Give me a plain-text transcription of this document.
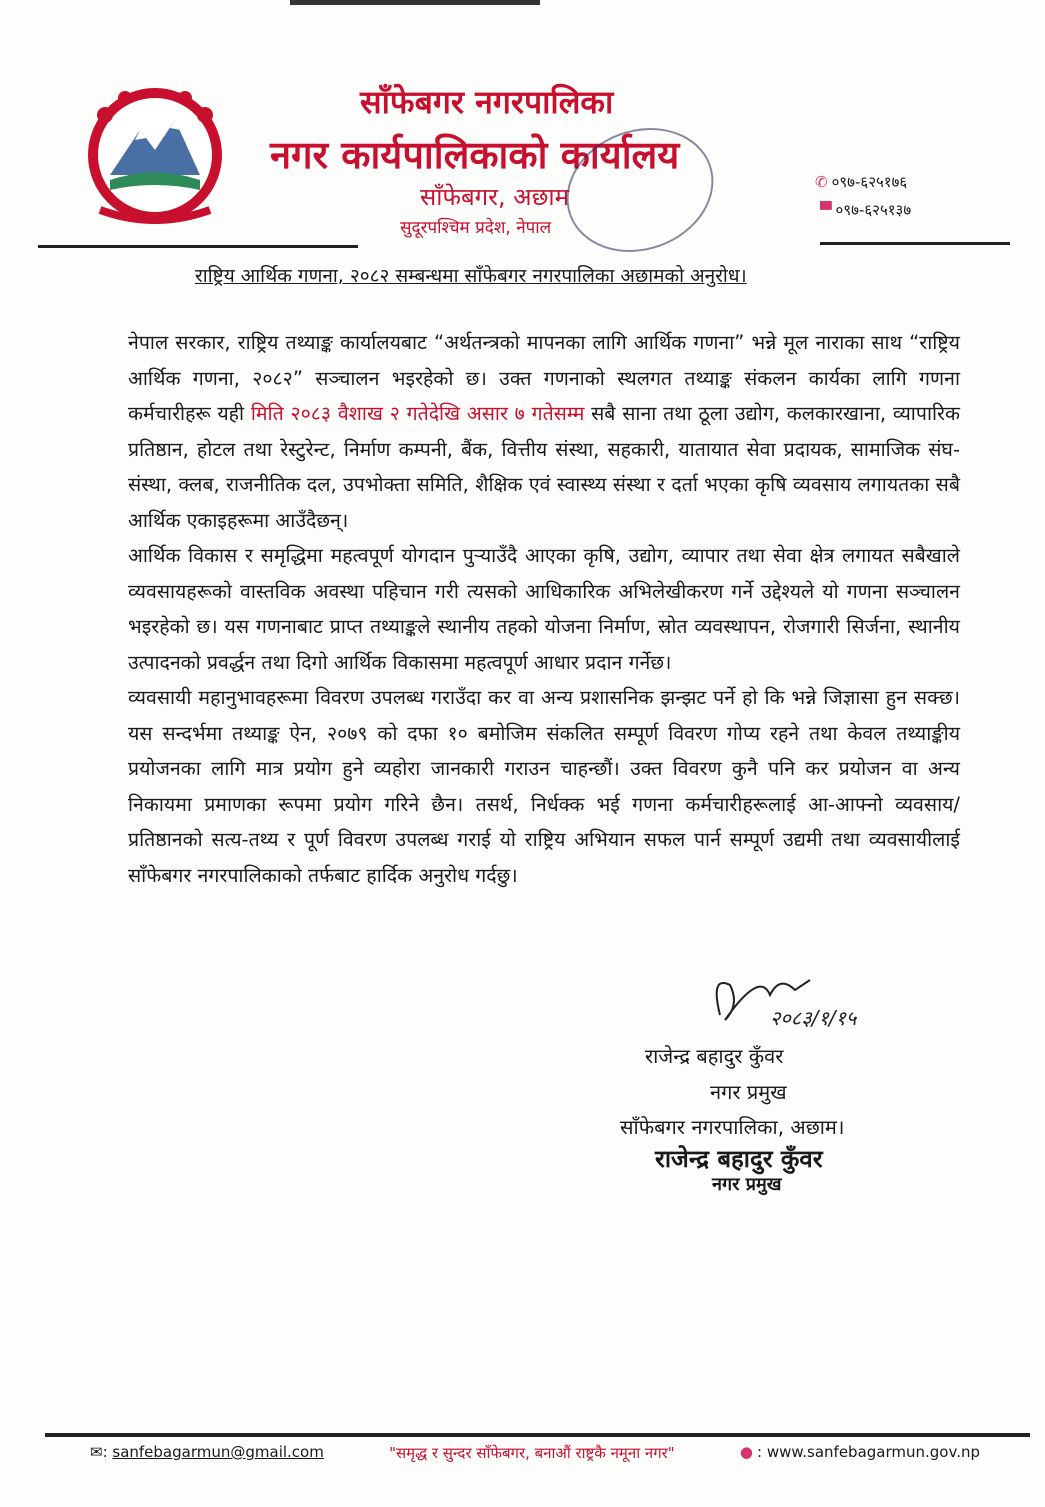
साँफेबगर नगरपालिका
नगर कार्यपालिकाको कार्यालय
साँफेबगर, अछाम
सुदूरपश्चिम प्रदेश, नेपाल
✆ ०९७-६२५१७६
▀ ०९७-६२५१३७
राष्ट्रिय आर्थिक गणना, २०८२ सम्बन्धमा साँफेबगर नगरपालिका अछामको अनुरोध।

नेपाल सरकार, राष्ट्रिय तथ्याङ्क कार्यालयबाट “अर्थतन्त्रको मापनका लागि आर्थिक गणना” भन्ने मूल नाराका साथ “राष्ट्रिय आर्थिक गणना, २०८२” सञ्चालन भइरहेको छ। उक्त गणनाको स्थलगत तथ्याङ्क संकलन कार्यका लागि गणना कर्मचारीहरू यही मिति २०८३ वैशाख २ गतेदेखि असार ७ गतेसम्म सबै साना तथा ठूला उद्योग, कलकारखाना, व्यापारिक प्रतिष्ठान, होटल तथा रेस्टुरेन्ट, निर्माण कम्पनी, बैंक, वित्तीय संस्था, सहकारी, यातायात सेवा प्रदायक, सामाजिक संघ-संस्था, क्लब, राजनीतिक दल, उपभोक्ता समिति, शैक्षिक एवं स्वास्थ्य संस्था र दर्ता भएका कृषि व्यवसाय लगायतका सबै आर्थिक एकाइहरूमा आउँदैछन्।

आर्थिक विकास र समृद्धिमा महत्वपूर्ण योगदान पुर्‍याउँदै आएका कृषि, उद्योग, व्यापार तथा सेवा क्षेत्र लगायत सबैखाले व्यवसायहरूको वास्तविक अवस्था पहिचान गरी त्यसको आधिकारिक अभिलेखीकरण गर्ने उद्देश्यले यो गणना सञ्चालन भइरहेको छ। यस गणनाबाट प्राप्त तथ्याङ्कले स्थानीय तहको योजना निर्माण, स्रोत व्यवस्थापन, रोजगारी सिर्जना, स्थानीय उत्पादनको प्रवर्द्धन तथा दिगो आर्थिक विकासमा महत्वपूर्ण आधार प्रदान गर्नेछ।

व्यवसायी महानुभावहरूमा विवरण उपलब्ध गराउँदा कर वा अन्य प्रशासनिक झन्झट पर्ने हो कि भन्ने जिज्ञासा हुन सक्छ। यस सन्दर्भमा तथ्याङ्क ऐन, २०७९ को दफा १० बमोजिम संकलित सम्पूर्ण विवरण गोप्य रहने तथा केवल तथ्याङ्कीय प्रयोजनका लागि मात्र प्रयोग हुने व्यहोरा जानकारी गराउन चाहन्छौं। उक्त विवरण कुनै पनि कर प्रयोजन वा अन्य निकायमा प्रमाणका रूपमा प्रयोग गरिने छैन। तसर्थ, निर्धक्क भई गणना कर्मचारीहरूलाई आ-आफ्नो व्यवसाय/प्रतिष्ठानको सत्य-तथ्य र पूर्ण विवरण उपलब्ध गराई यो राष्ट्रिय अभियान सफल पार्न सम्पूर्ण उद्यमी तथा व्यवसायीलाई साँफेबगर नगरपालिकाको तर्फबाट हार्दिक अनुरोध गर्दछु।

२०८३/१/१५
राजेन्द्र बहादुर कुँवर
नगर प्रमुख
साँफेबगर नगरपालिका, अछाम।
राजेन्द्र बहादुर कुँवर
नगर प्रमुख
✉: sanfebagarmun@gmail.com	"समृद्ध र सुन्दर साँफेबगर, बनाऔं राष्ट्रकै नमूना नगर"	● : www.sanfebagarmun.gov.np
